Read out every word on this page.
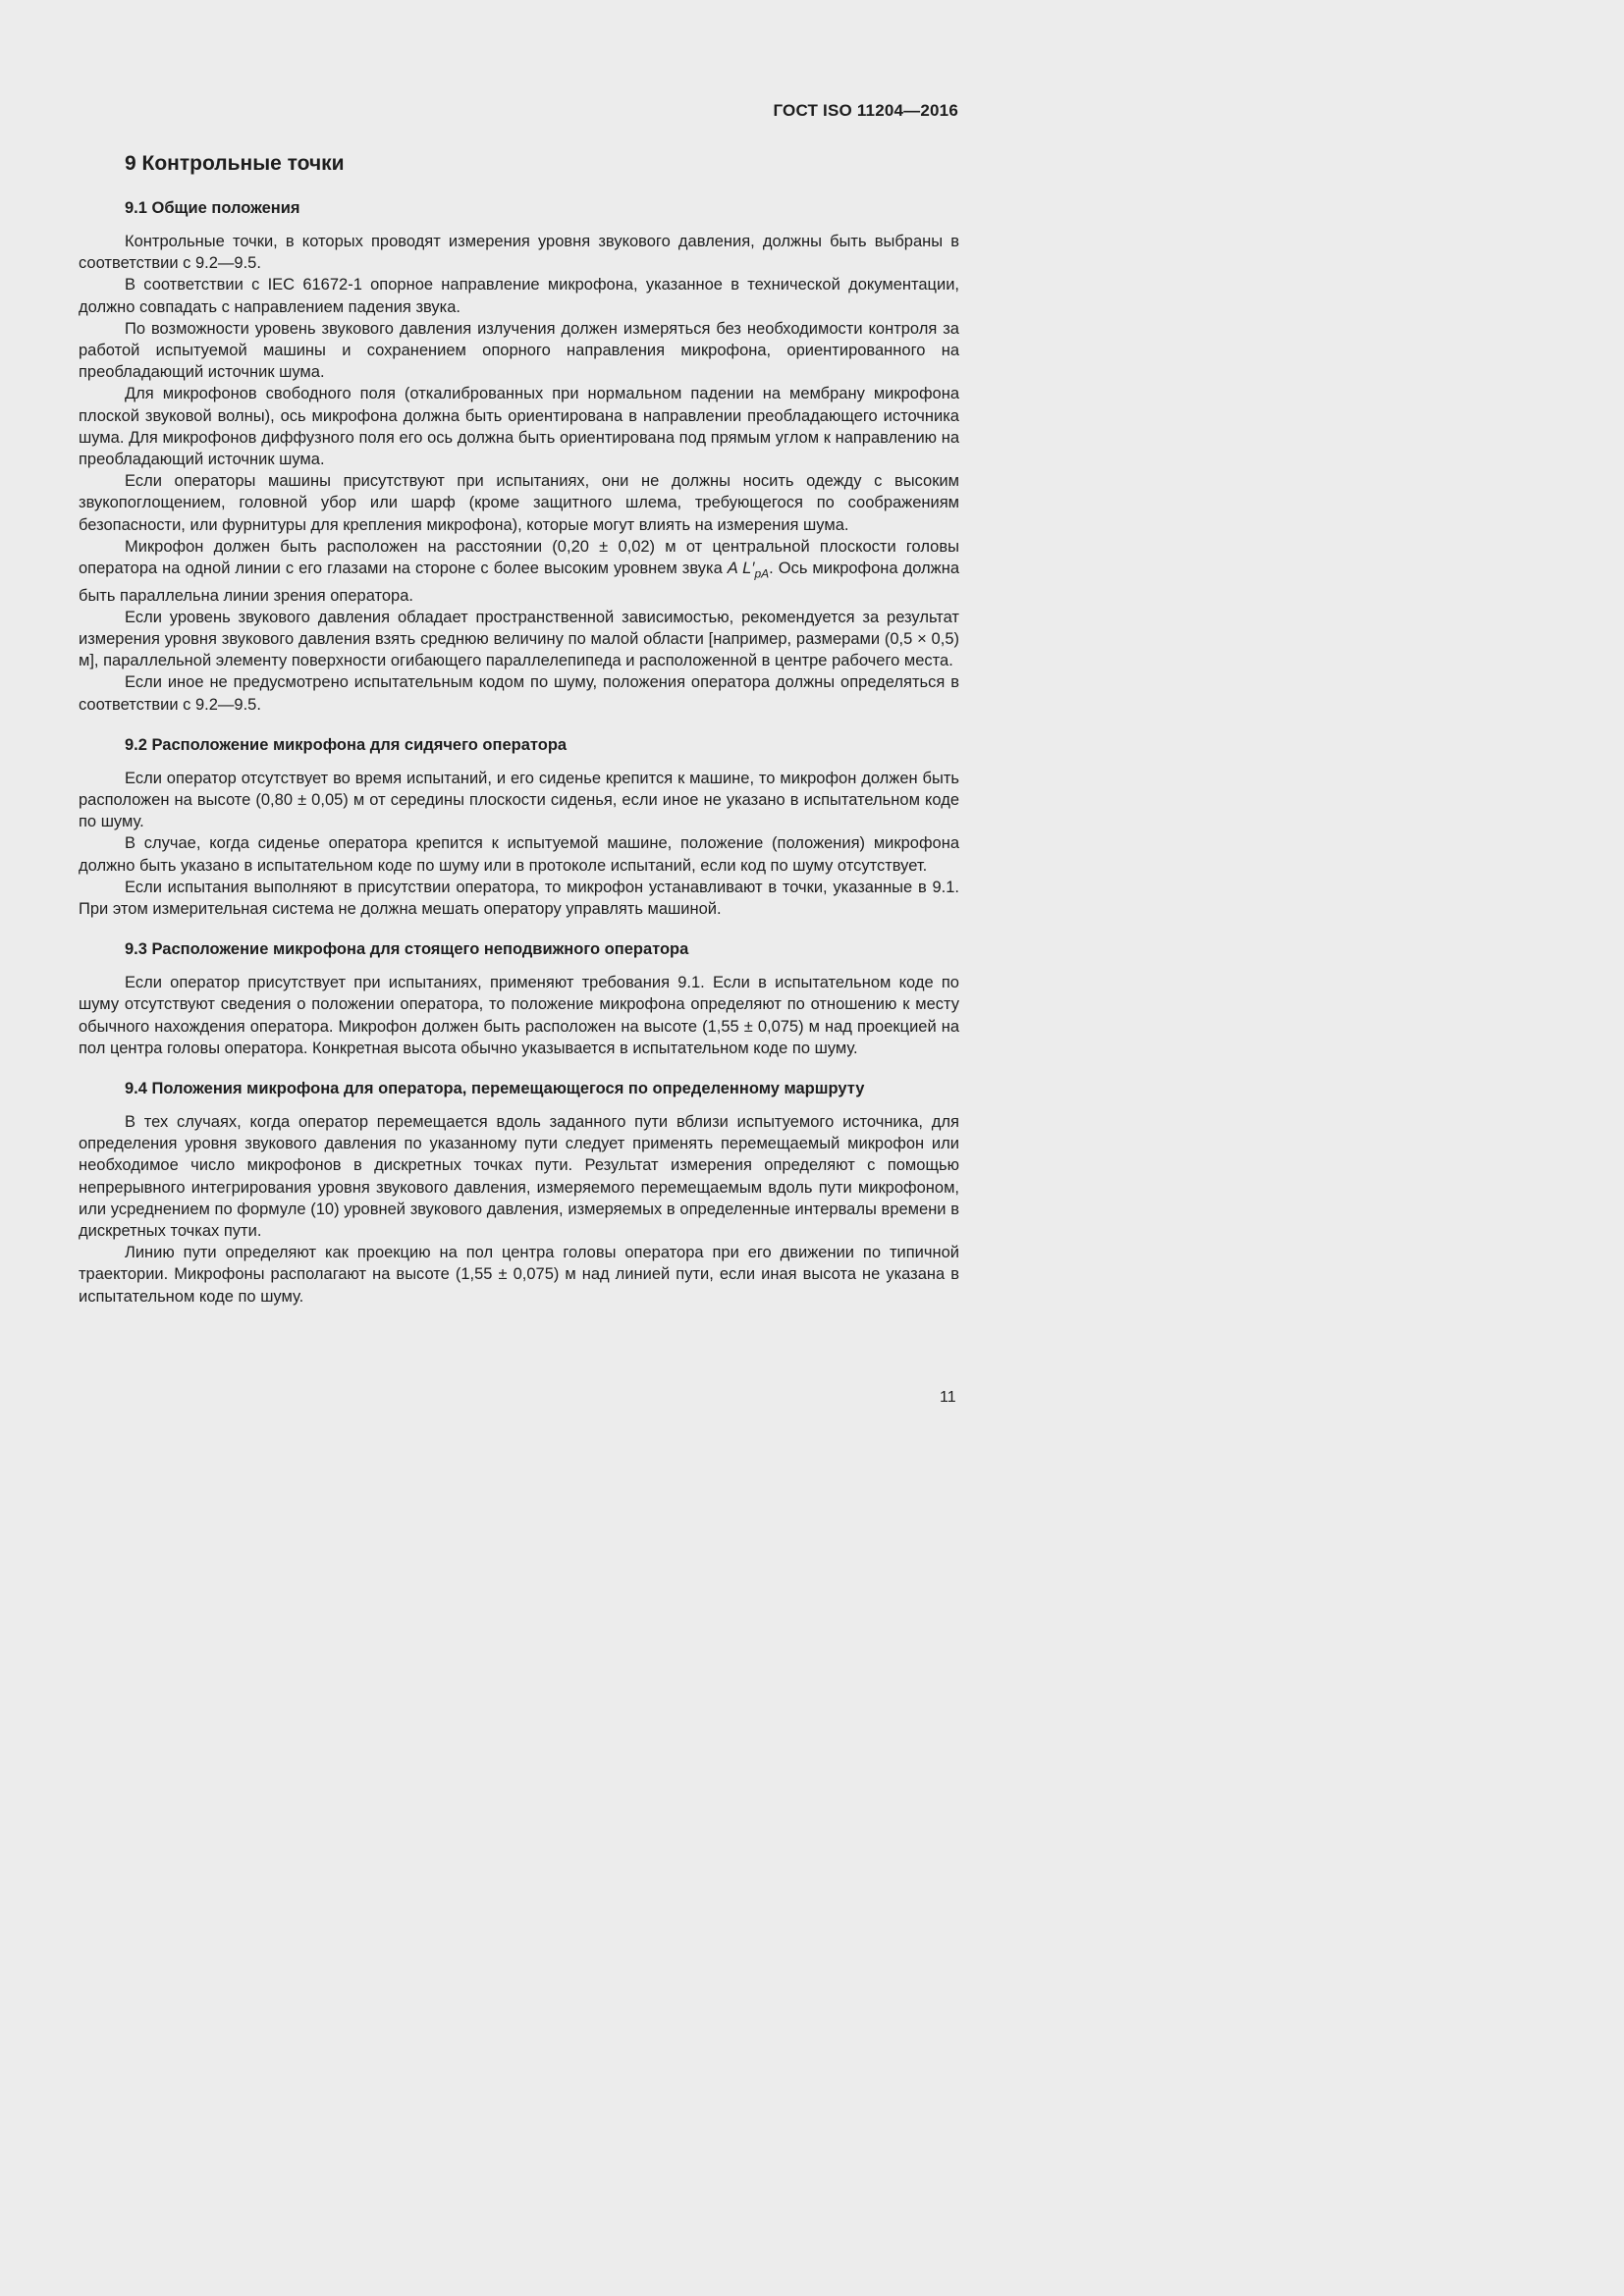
ГОСТ ISO 11204—2016
9 Контрольные точки
9.1 Общие положения

Контрольные точки, в которых проводят измерения уровня звукового давления, должны быть выбраны в соответствии с 9.2—9.5.

В соответствии с IEC 61672-1 опорное направление микрофона, указанное в технической документации, должно совпадать с направлением падения звука.

По возможности уровень звукового давления излучения должен измеряться без необходимости контроля за работой испытуемой машины и сохранением опорного направления микрофона, ориентированного на преобладающий источник шума.

Для микрофонов свободного поля (откалиброванных при нормальном падении на мембрану микрофона плоской звуковой волны), ось микрофона должна быть ориентирована в направлении преобладающего источника шума. Для микрофонов диффузного поля его ось должна быть ориентирована под прямым углом к направлению на преобладающий источник шума.

Если операторы машины присутствуют при испытаниях, они не должны носить одежду с высоким звукопоглощением, головной убор или шарф (кроме защитного шлема, требующегося по соображениям безопасности, или фурнитуры для крепления микрофона), которые могут влиять на измерения шума.

Микрофон должен быть расположен на расстоянии (0,20 ± 0,02) м от центральной плоскости головы оператора на одной линии с его глазами на стороне с более высоким уровнем звука A $L'_{pA}$. Ось микрофона должна быть параллельна линии зрения оператора.

Если уровень звукового давления обладает пространственной зависимостью, рекомендуется за результат измерения уровня звукового давления взять среднюю величину по малой области [например, размерами (0,5 × 0,5) м], параллельной элементу поверхности огибающего параллелепипеда и расположенной в центре рабочего места.

Если иное не предусмотрено испытательным кодом по шуму, положения оператора должны определяться в соответствии с 9.2—9.5.

9.2 Расположение микрофона для сидячего оператора

Если оператор отсутствует во время испытаний, и его сиденье крепится к машине, то микрофон должен быть расположен на высоте (0,80 ± 0,05) м от середины плоскости сиденья, если иное не указано в испытательном коде по шуму.

В случае, когда сиденье оператора крепится к испытуемой машине, положение (положения) микрофона должно быть указано в испытательном коде по шуму или в протоколе испытаний, если код по шуму отсутствует.

Если испытания выполняют в присутствии оператора, то микрофон устанавливают в точки, указанные в 9.1. При этом измерительная система не должна мешать оператору управлять машиной.

9.3 Расположение микрофона для стоящего неподвижного оператора

Если оператор присутствует при испытаниях, применяют требования 9.1. Если в испытательном коде по шуму отсутствуют сведения о положении оператора, то положение микрофона определяют по отношению к месту обычного нахождения оператора. Микрофон должен быть расположен на высоте (1,55 ± 0,075) м над проекцией на пол центра головы оператора. Конкретная высота обычно указывается в испытательном коде по шуму.

9.4 Положения микрофона для оператора, перемещающегося по определенному маршруту

В тех случаях, когда оператор перемещается вдоль заданного пути вблизи испытуемого источника, для определения уровня звукового давления по указанному пути следует применять перемещаемый микрофон или необходимое число микрофонов в дискретных точках пути. Результат измерения определяют с помощью непрерывного интегрирования уровня звукового давления, измеряемого перемещаемым вдоль пути микрофоном, или усреднением по формуле (10) уровней звукового давления, измеряемых в определенные интервалы времени в дискретных точках пути.

Линию пути определяют как проекцию на пол центра головы оператора при его движении по типичной траектории. Микрофоны располагают на высоте (1,55 ± 0,075) м над линией пути, если иная высота не указана в испытательном коде по шуму.

11
